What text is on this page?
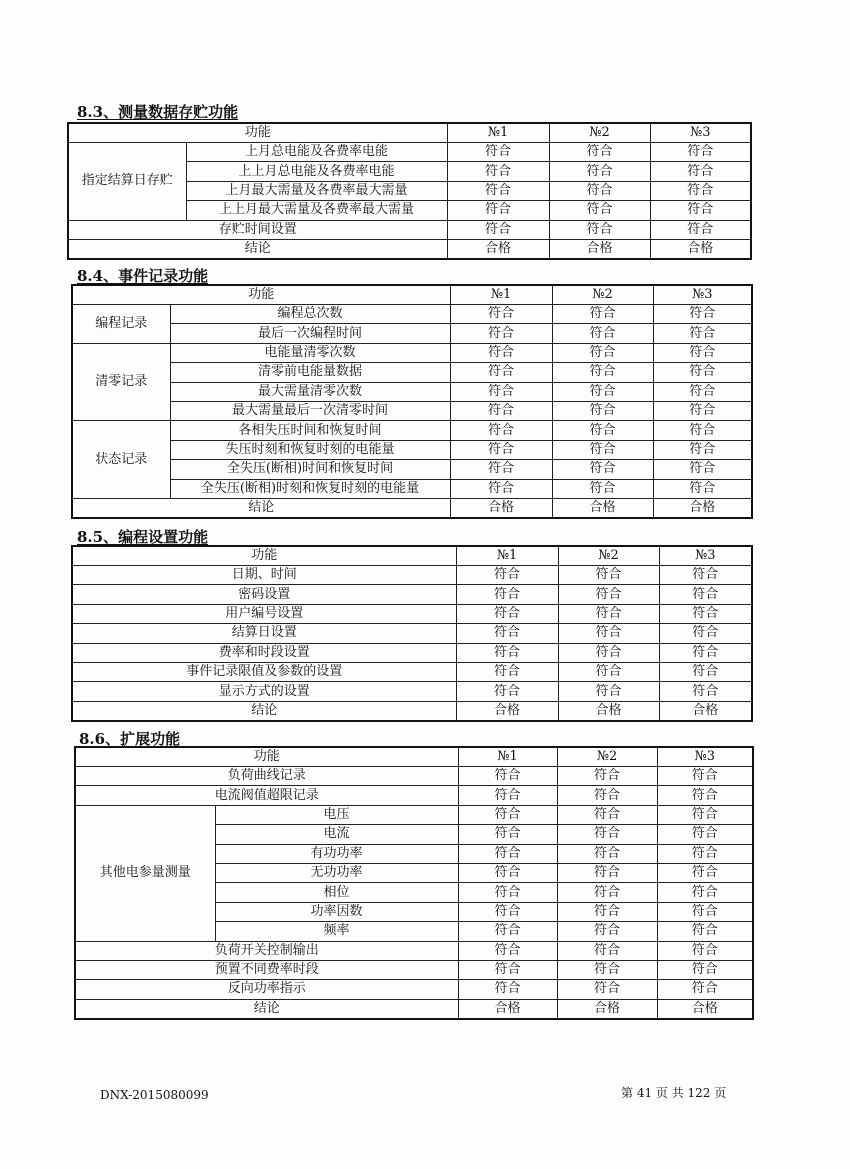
8.3、测量数据存贮功能
功能		№1	№2	№3
指定结算日存贮	上月总电能及各费率电能	符合	符合	符合
	上上月总电能及各费率电能	符合	符合	符合
	上月最大需量及各费率最大需量	符合	符合	符合
	上上月最大需量及各费率最大需量	符合	符合	符合
存贮时间设置		符合	符合	符合
结论		合格	合格	合格
8.4、事件记录功能
功能		№1	№2	№3
编程记录	编程总次数	符合	符合	符合
	最后一次编程时间	符合	符合	符合
清零记录	电能量清零次数	符合	符合	符合
	清零前电能量数据	符合	符合	符合
	最大需量清零次数	符合	符合	符合
	最大需量最后一次清零时间	符合	符合	符合
状态记录	各相失压时间和恢复时间	符合	符合	符合
	失压时刻和恢复时刻的电能量	符合	符合	符合
	全失压(断相)时间和恢复时间	符合	符合	符合
	全失压(断相)时刻和恢复时刻的电能量	符合	符合	符合
结论		合格	合格	合格
8.5、编程设置功能
功能	№1	№2	№3
日期、时间	符合	符合	符合
密码设置	符合	符合	符合
用户编号设置	符合	符合	符合
结算日设置	符合	符合	符合
费率和时段设置	符合	符合	符合
事件记录限值及参数的设置	符合	符合	符合
显示方式的设置	符合	符合	符合
结论	合格	合格	合格
8.6、扩展功能
功能		№1	№2	№3
负荷曲线记录		符合	符合	符合
电流阀值超限记录		符合	符合	符合
其他电参量测量	电压	符合	符合	符合
	电流	符合	符合	符合
	有功功率	符合	符合	符合
	无功功率	符合	符合	符合
	相位	符合	符合	符合
	功率因数	符合	符合	符合
	频率	符合	符合	符合
负荷开关控制输出		符合	符合	符合
预置不同费率时段		符合	符合	符合
反向功率指示		符合	符合	符合
结论		合格	合格	合格
DNX-2015080099	第 41 页 共 122 页
